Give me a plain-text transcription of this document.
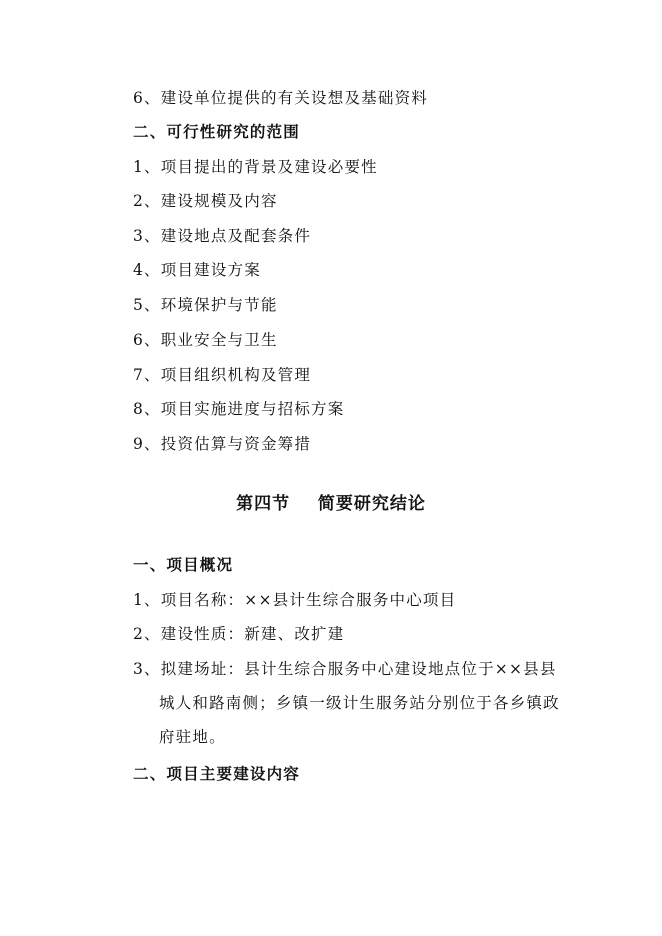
6、建设单位提供的有关设想及基础资料
二、可行性研究的范围
1、项目提出的背景及建设必要性
2、建设规模及内容
3、建设地点及配套条件
4、项目建设方案
5、环境保护与节能
6、职业安全与卫生
7、项目组织机构及管理
8、项目实施进度与招标方案
9、投资估算与资金筹措
第四节    简要研究结论
一、项目概况
1、项目名称：××县计生综合服务中心项目
2、建设性质：新建、改扩建
3、拟建场址：县计生综合服务中心建设地点位于××县县
城人和路南侧；乡镇一级计生服务站分别位于各乡镇政
府驻地。
二、项目主要建设内容
